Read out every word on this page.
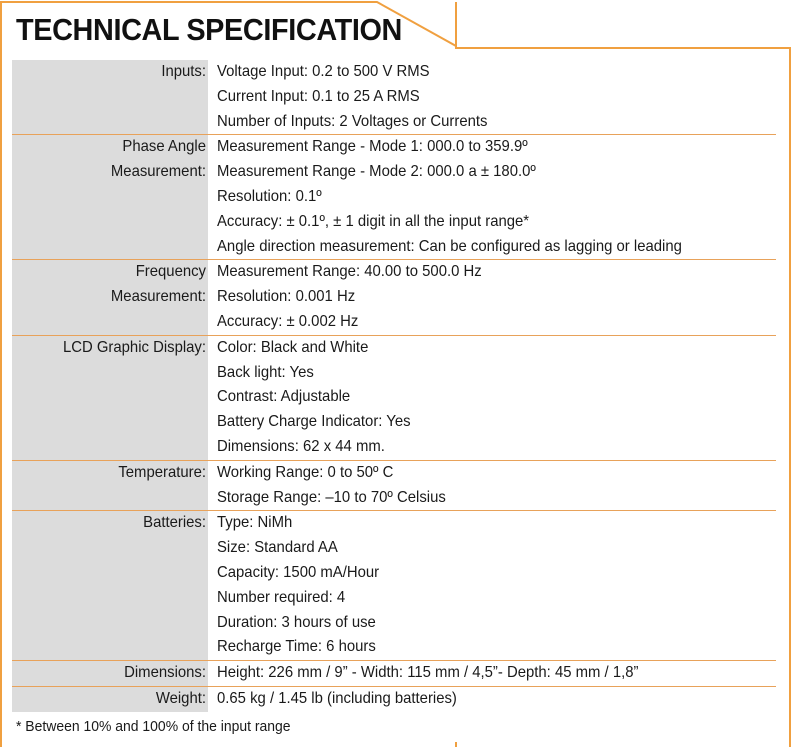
TECHNICAL SPECIFICATION
Inputs: Voltage Input: 0.2 to 500 V RMS
Current Input: 0.1 to 25 A RMS
Number of Inputs: 2 Voltages or Currents
Phase Angle
Measurement:
Measurement Range - Mode 1: 000.0 to 359.9º
Measurement Range - Mode 2: 000.0 a ± 180.0º
Resolution: 0.1º
Accuracy: ± 0.1º, ± 1 digit in all the input range*
Angle direction measurement: Can be configured as lagging or leading
Frequency
Measurement:
Measurement Range: 40.00 to 500.0 Hz
Resolution: 0.001 Hz
Accuracy: ± 0.002 Hz
LCD Graphic Display: Color: Black and White
Back light: Yes
Contrast: Adjustable
Battery Charge Indicator: Yes
Dimensions: 62 x 44 mm.
Temperature: Working Range: 0 to 50º C
Storage Range: –10 to 70º Celsius
Batteries: Type: NiMh
Size: Standard AA
Capacity: 1500 mA/Hour
Number required: 4
Duration: 3 hours of use
Recharge Time: 6 hours
Dimensions: Height: 226 mm / 9” - Width: 115 mm / 4,5”- Depth: 45 mm / 1,8”
Weight: 0.65 kg / 1.45 lb (including batteries)
* Between 10% and 100% of the input range
